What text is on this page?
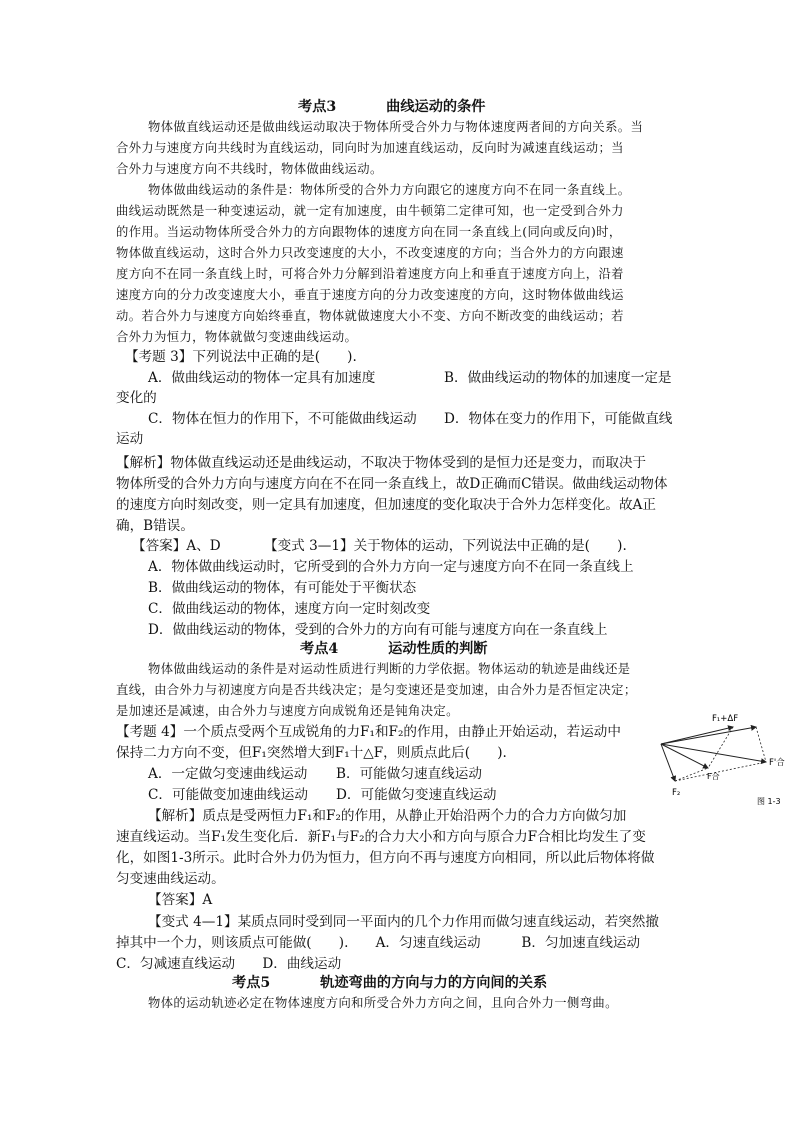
考点3	曲线运动的条件
物体做直线运动还是做曲线运动取决于物体所受合外力与物体速度两者间的方向关系。当
合外力与速度方向共线时为直线运动，同向时为加速直线运动，反向时为减速直线运动；当
合外力与速度方向不共线时，物体做曲线运动。
物体做曲线运动的条件是：物体所受的合外力方向跟它的速度方向不在同一条直线上。
曲线运动既然是一种变速运动，就一定有加速度，由牛顿第二定律可知，也一定受到合外力
的作用。当运动物体所受合外力的方向跟物体的速度方向在同一条直线上(同向或反向)时，
物体做直线运动，这时合外力只改变速度的大小，不改变速度的方向；当合外力的方向跟速
度方向不在同一条直线上时，可将合外力分解到沿着速度方向上和垂直于速度方向上，沿着
速度方向的分力改变速度大小，垂直于速度方向的分力改变速度的方向，这时物体做曲线运
动。若合外力与速度方向始终垂直，物体就做速度大小不变、方向不断改变的曲线运动；若
合外力为恒力，物体就做匀变速曲线运动。
【考题 3】下列说法中正确的是(　　).
A．做曲线运动的物体一定具有加速度	B．做曲线运动的物体的加速度一定是
变化的
C．物体在恒力的作用下，不可能做曲线运动 D．物体在变力的作用下，可能做直线
运动
【解析】物体做直线运动还是曲线运动，不取决于物体受到的是恒力还是变力，而取决于
物体所受的合外力方向与速度方向在不在同一条直线上，故D正确而C错误。做曲线运动物体
的速度方向时刻改变，则一定具有加速度，但加速度的变化取决于合外力怎样变化。故A正
确，B错误。
【答案】A、D	【变式 3—1】关于物体的运动，下列说法中正确的是(　　).
A．物体做曲线运动时，它所受到的合外力方向一定与速度方向不在同一条直线上
B．做曲线运动的物体，有可能处于平衡状态
C．做曲线运动的物体，速度方向一定时刻改变
D．做曲线运动的物体，受到的合外力的方向有可能与速度方向在一条直线上
考点4	运动性质的判断
物体做曲线运动的条件是对运动性质进行判断的力学依据。物体运动的轨迹是曲线还是
直线，由合外力与初速度方向是否共线决定；是匀变速还是变加速，由合外力是否恒定决定；
是加速还是减速，由合外力与速度方向成锐角还是钝角决定。
【考题 4】一个质点受两个互成锐角的力F₁和F₂的作用，由静止开始运动，若运动中
保持二力方向不变，但F₁突然增大到F₁十△F，则质点此后(　　).
A．一定做匀变速曲线运动 B．可能做匀速直线运动
C．可能做变加速曲线运动 D．可能做匀变速直线运动
【解析】质点是受两恒力F₁和F₂的作用，从静止开始沿两个力的合力方向做匀加
速直线运动。当F₁发生变化后．新F₁与F₂的合力大小和方向与原合力F合相比均发生了变
化，如图1-3所示。此时合外力仍为恒力，但方向不再与速度方向相同，所以此后物体将做
匀变速曲线运动。
【答案】A
【变式 4—1】某质点同时受到同一平面内的几个力作用而做匀速直线运动，若突然撤
掉其中一个力，则该质点可能做(　　).　　A．匀速直线运动　　　B．匀加速直线运动
C．匀减速直线运动　　D．曲线运动
F₁+ΔF
F₂
F合
F'合
图 1-3
考点5	轨迹弯曲的方向与力的方向间的关系
物体的运动轨迹必定在物体速度方向和所受合外力方向之间，且向合外力一侧弯曲。
